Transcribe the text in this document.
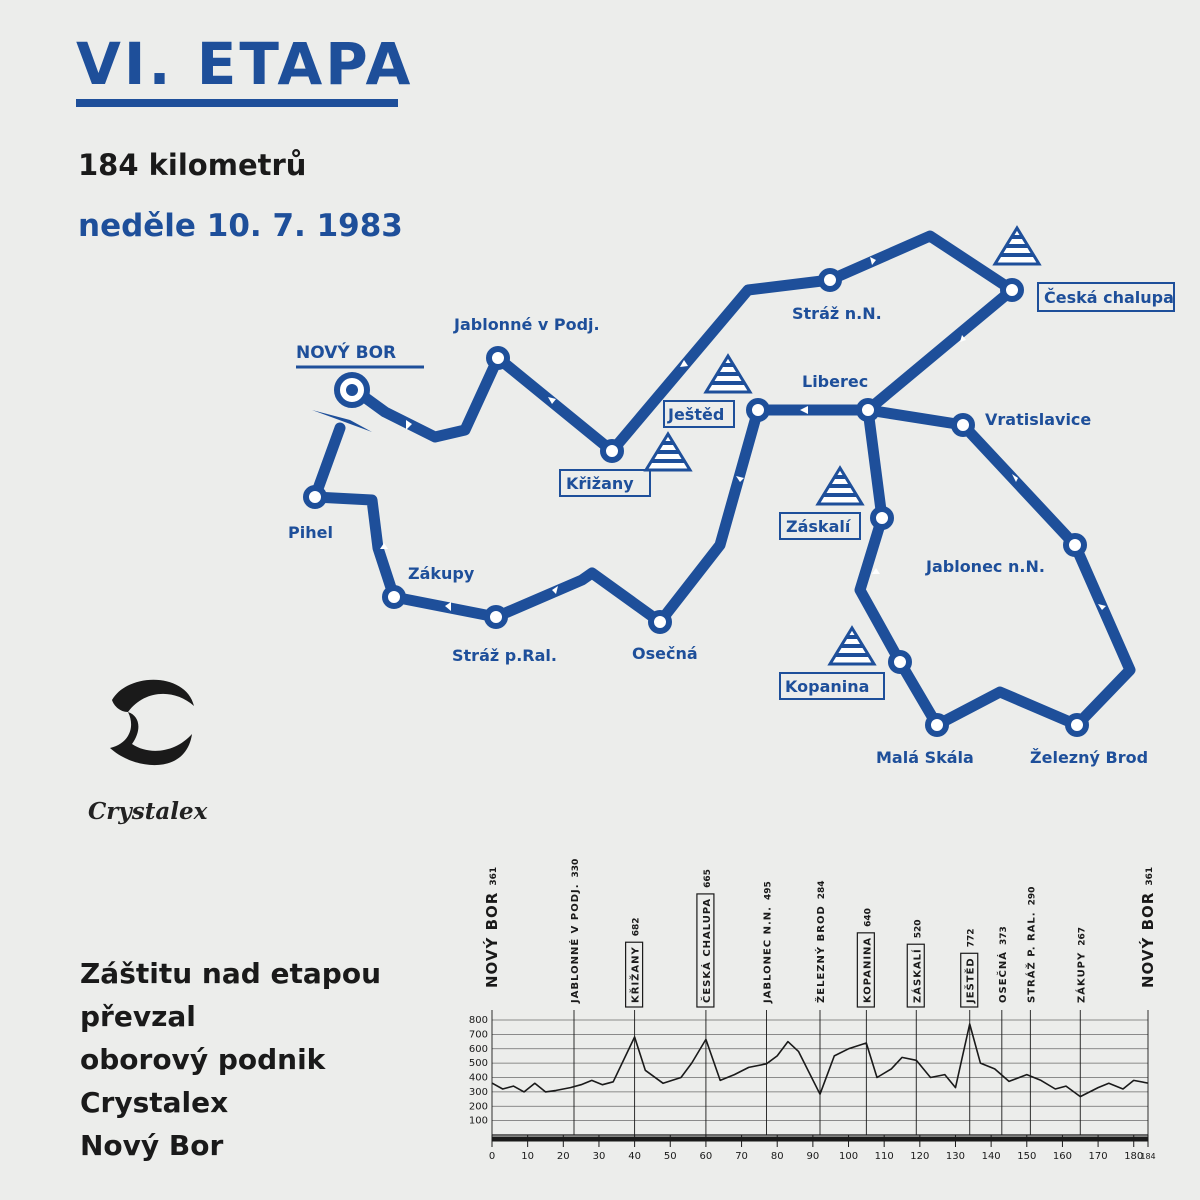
VI. ETAPA
184 kilometrů
neděle 10. 7. 1983
NOVÝ BOR
Jablonné v Podj.
Křižany
Stráž n.N.
Česká chalupa
Liberec
Vratislavice
Jablonec n.N.
Železný Brod
Malá Skála
Kopanina
Záskalí
Ještěd
Osečná
Stráž p.Ral.
Zákupy
Pihel
100
200
300
400
500
600
700
800
0	10 20 30 40 50 60 70 80 90 100 110 120 130 140 150 160 170 180
184
NOVÝ BOR
361
JABLONNÉ V PODJ.
330
KŘIŽANY
682	ČESKÁ CHALUPA
665
JABLONEC N.N.
495
ŽELEZNÝ BROD
284
KOPANINA
640
ZÁSKALÍ
520
JEŠTĚD
772
OSEČNÁ
373 STRÁŽ P. RAL.
290
ZÁKUPY
267	NOVÝ BOR
361
Crystalex
Záštitu nad etapou
převzal
oborový podnik
Crystalex
Nový Bor
